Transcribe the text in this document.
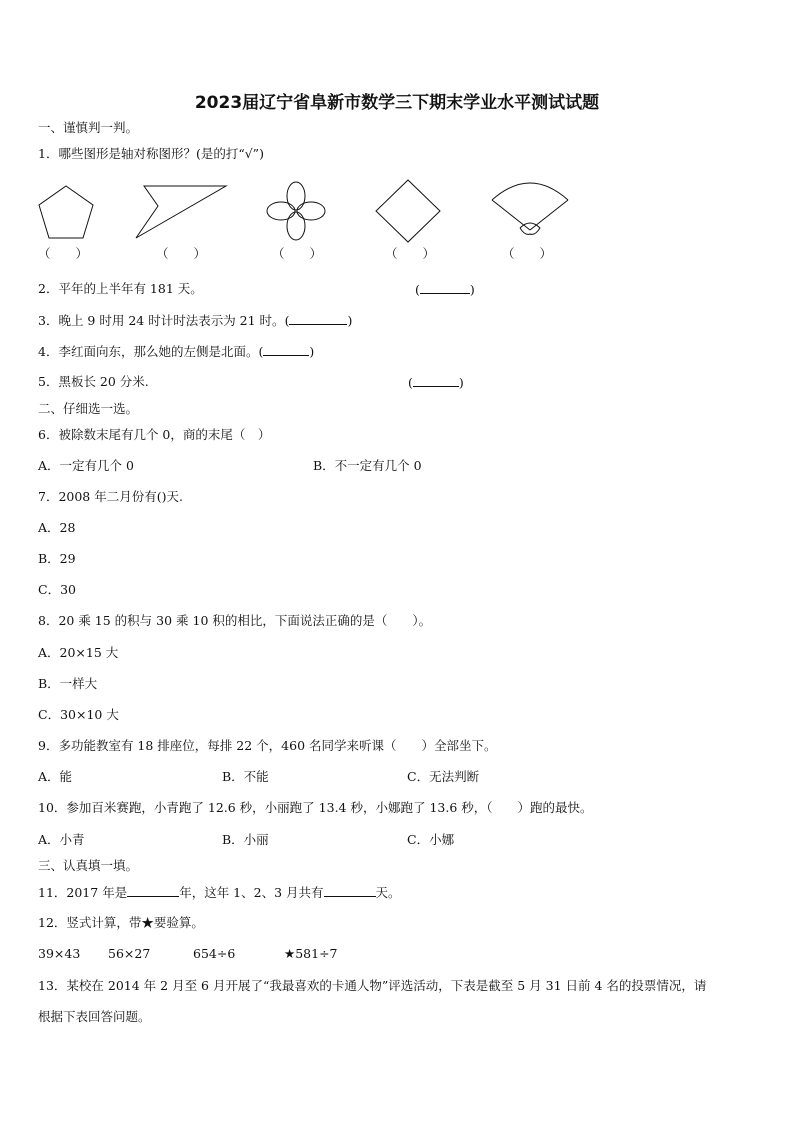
2023届辽宁省阜新市数学三下期末学业水平测试试题
一、谨慎判一判。
1．哪些图形是轴对称图形？(是的打“√”)
（　　）	（　　）	（　　）	（　　）	（　　）
2．平年的上半年有 181 天。	(	)
3．晚上 9 时用 24 时计时法表示为 21 时。(	)
4．李红面向东，那么她的左侧是北面。(	)
5．黑板长 20 分米.	(	)
二、仔细选一选。
6．被除数末尾有几个 0，商的末尾（　）
A．一定有几个 0	B．不一定有几个 0
7．2008 年二月份有()天.
A．28
B．29
C．30
8．20 乘 15 的积与 30 乘 10 积的相比，下面说法正确的是（　　）。
A．20×15 大
B．一样大
C．30×10 大
9．多功能教室有 18 排座位，每排 22 个，460 名同学来听课（　　）全部坐下。
A．能	B．不能	C．无法判断
10．参加百米赛跑，小青跑了 12.6 秒，小丽跑了 13.4 秒，小娜跑了 13.6 秒，（　　）跑的最快。
A．小青	B．小丽	C．小娜
三、认真填一填。
11．2017 年是	年，这年 1、2、3 月共有	天。
12．竖式计算，带★要验算。
39×43 56×27	654÷6	★581÷7
13．某校在 2014 年 2 月至 6 月开展了“我最喜欢的卡通人物”评选活动，下表是截至 5 月 31 日前 4 名的投票情况，请
根据下表回答问题。
